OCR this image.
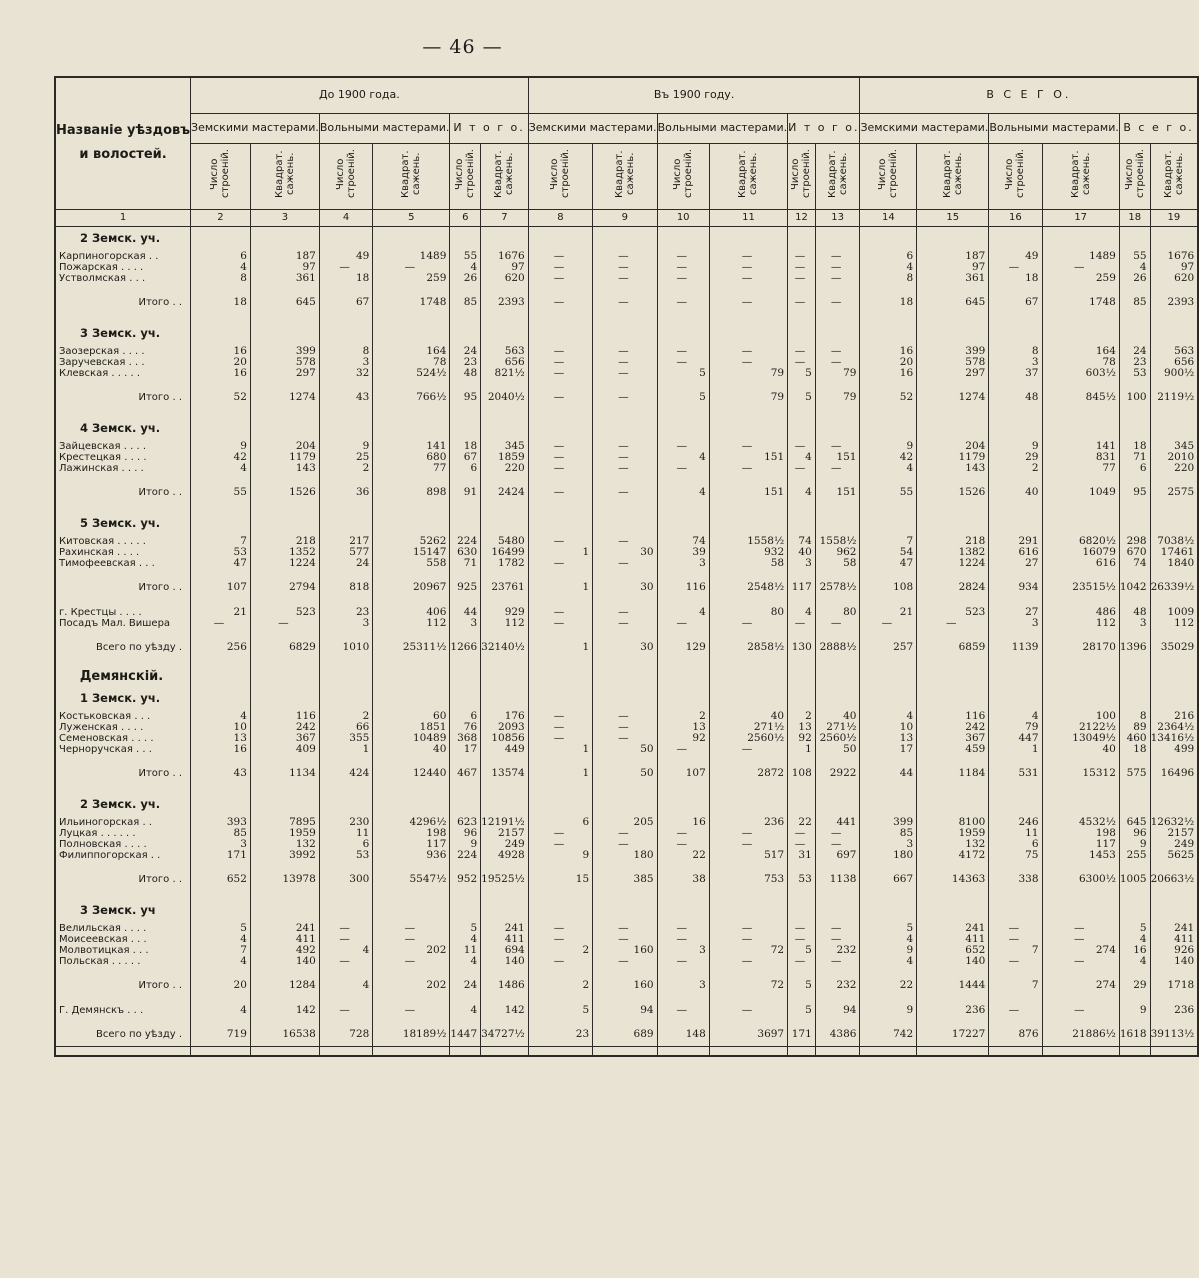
— 46 —
Названіе уѣздовъ
и волостей.	До 1900 года.						Въ 1900 году.						В С Е Г О.					
	Земскими мастерами.		Вольными мастерами.		И т о г о.		Земскими мастерами.		Вольными мастерами.		И т о г о.		Земскими мастерами.		Вольными мастерами.		В с е г о.	
	Число строеній.	Квадрат. сажень.	Число строеній.	Квадрат. сажень.	Число строеній.	Квадрат. сажень.	Число строеній.	Квадрат. сажень.	Число строеній.	Квадрат. сажень.	Число строеній.	Квадрат. сажень.	Число строеній.	Квадрат. сажень.	Число строеній.	Квадрат. сажень.	Число строеній.	Квадрат. сажень.
1	2	3	4	5	6	7	8	9	10	11	12	13	14	15	16	17	18	19
2 Земск. уч.																		
Карпиногорская . .	6	187	49	1489	55	1676	—	—	—	—	—	—	6	187	49	1489	55	1676
Пожарская . . . .	4	97	—	—	4	97	—	—	—	—	—	—	4	97	—	—	4	97
Устволмская . . .	8	361	18	259	26	620	—	—	—	—	—	—	8	361	18	259	26	620

Итого . .	18	645	67	1748	85	2393	—	—	—	—	—	—	18	645	67	1748	85	2393

3 Земск. уч.																		
Заозерская . . . .	16	399	8	164	24	563	—	—	—	—	—	—	16	399	8	164	24	563
Заручевская . . .	20	578	3	78	23	656	—	—	—	—	—	—	20	578	3	78	23	656
Клевская . . . . .	16	297	32	524½	48	821½	—	—	5	79	5	79	16	297	37	603½	53	900½

Итого . .	52	1274	43	766½	95	2040½	—	—	5	79	5	79	52	1274	48	845½	100	2119½

4 Земск. уч.																		
Зайцевская . . . .	9	204	9	141	18	345	—	—	—	—	—	—	9	204	9	141	18	345
Крестецкая . . . .	42	1179	25	680	67	1859	—	—	4	151	4	151	42	1179	29	831	71	2010
Лажинская . . . .	4	143	2	77	6	220	—	—	—	—	—	—	4	143	2	77	6	220

Итого . .	55	1526	36	898	91	2424	—	—	4	151	4	151	55	1526	40	1049	95	2575

5 Земск. уч.																		
Китовская . . . . .	7	218	217	5262	224	5480	—	—	74	1558½	74	1558½	7	218	291	6820½	298	7038½
Рахинская . . . .	53	1352	577	15147	630	16499	1	30	39	932	40	962	54	1382	616	16079	670	17461
Тимофеевская . . .	47	1224	24	558	71	1782	—	—	3	58	3	58	47	1224	27	616	74	1840

Итого . .	107	2794	818	20967	925	23761	1	30	116	2548½	117	2578½	108	2824	934	23515½	1042	26339½

г. Крестцы . . . .	21	523	23	406	44	929	—	—	4	80	4	80	21	523	27	486	48	1009
Посадъ Мал. Вишера	—	—	3	112	3	112	—	—	—	—	—	—	—	—	3	112	3	112

Всего по уѣзду .	256	6829	1010	25311½	1266	32140½	1	30	129	2858½	130	2888½	257	6859	1139	28170	1396	35029

Демянскій.																		
1 Земск. уч.																		
Костьковская . . .	4	116	2	60	6	176	—	—	2	40	2	40	4	116	4	100	8	216
Луженская . . . .	10	242	66	1851	76	2093	—	—	13	271½	13	271½	10	242	79	2122½	89	2364½
Семеновская . . . .	13	367	355	10489	368	10856	—	—	92	2560½	92	2560½	13	367	447	13049½	460	13416½
Черноручская . . .	16	409	1	40	17	449	1	50	—	—	1	50	17	459	1	40	18	499

Итого . .	43	1134	424	12440	467	13574	1	50	107	2872	108	2922	44	1184	531	15312	575	16496

2 Земск. уч.																		
Ильиногорская . .	393	7895	230	4296½	623	12191½	6	205	16	236	22	441	399	8100	246	4532½	645	12632½
Луцкая . . . . . .	85	1959	11	198	96	2157	—	—	—	—	—	—	85	1959	11	198	96	2157
Полновская . . . .	3	132	6	117	9	249	—	—	—	—	—	—	3	132	6	117	9	249
Филиппогорская . .	171	3992	53	936	224	4928	9	180	22	517	31	697	180	4172	75	1453	255	5625

Итого . .	652	13978	300	5547½	952	19525½	15	385	38	753	53	1138	667	14363	338	6300½	1005	20663½

3 Земск. уч																		
Велильская . . . .	5	241	—	—	5	241	—	—	—	—	—	—	5	241	—	—	5	241
Моисеевская . . .	4	411	—	—	4	411	—	—	—	—	—	—	4	411	—	—	4	411
Молвотицкая . . .	7	492	4	202	11	694	2	160	3	72	5	232	9	652	7	274	16	926
Польская . . . . .	4	140	—	—	4	140	—	—	—	—	—	—	4	140	—	—	4	140

Итого . .	20	1284	4	202	24	1486	2	160	3	72	5	232	22	1444	7	274	29	1718

Г. Демянскъ . . .	4	142	—	—	4	142	5	94	—	—	5	94	9	236	—	—	9	236

Всего по уѣзду .	719	16538	728	18189½	1447	34727½	23	689	148	3697	171	4386	742	17227	876	21886½	1618	39113½
